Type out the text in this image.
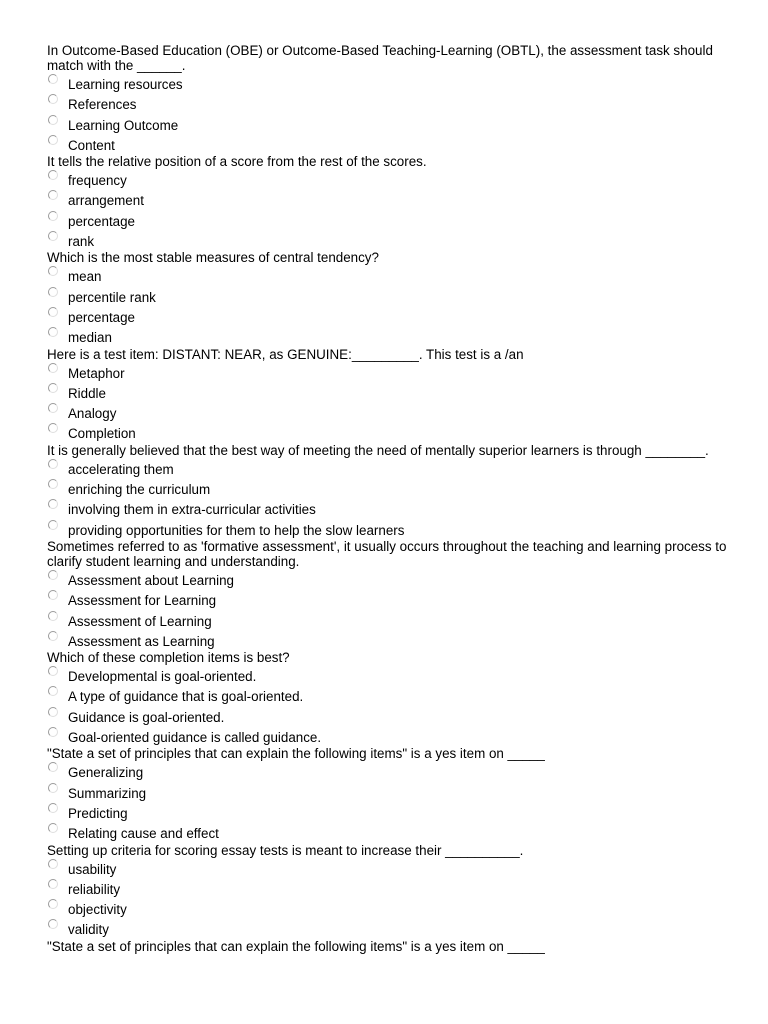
In Outcome-Based Education (OBE) or Outcome-Based Teaching-Learning (OBTL), the assessment task should match with the ______.
Learning resources
References
Learning Outcome
Content
It tells the relative position of a score from the rest of the scores.
frequency
arrangement
percentage
rank
Which is the most stable measures of central tendency?
mean
percentile rank
percentage
median
Here is a test item: DISTANT: NEAR, as GENUINE:_________. This test is a /an
Metaphor
Riddle
Analogy
Completion
It is generally believed that the best way of meeting the need of mentally superior learners is through ________.
accelerating them
enriching the curriculum
involving them in extra-curricular activities
providing opportunities for them to help the slow learners
Sometimes referred to as 'formative assessment', it usually occurs throughout the teaching and learning process to clarify student learning and understanding.
Assessment about Learning
Assessment for Learning
Assessment of Learning
Assessment as Learning
Which of these completion items is best?
Developmental is goal-oriented.
A type of guidance that is goal-oriented.
Guidance is goal-oriented.
Goal-oriented guidance is called guidance.
"State a set of principles that can explain the following items" is a yes item on _____
Generalizing
Summarizing
Predicting
Relating cause and effect
Setting up criteria for scoring essay tests is meant to increase their __________.
usability
reliability
objectivity
validity
"State a set of principles that can explain the following items" is a yes item on _____
